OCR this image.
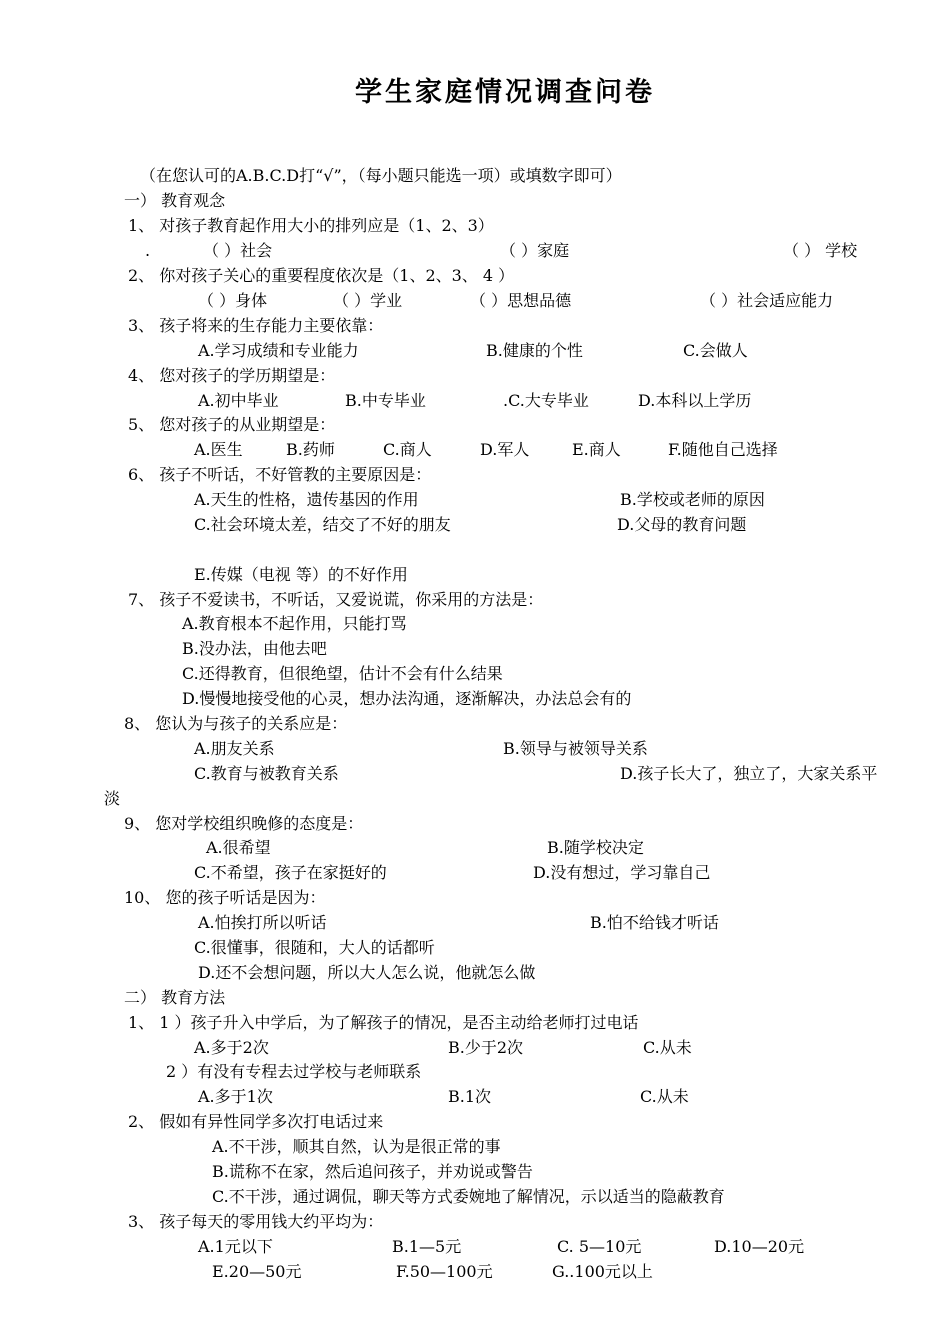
学生家庭情况调查问卷
（在您认可的A.B.C.D打“√”，（每小题只能选一项）或填数字即可）
一） 教育观念
1、 对孩子教育起作用大小的排列应是（1、2、3）
.	（ ）社会	（ ）家庭	（ ） 学校
2、 你对孩子关心的重要程度依次是（1、2、3、 4 ）
（ ）身体	（ ）学业	（ ）思想品德	（ ）社会适应能力
3、 孩子将来的生存能力主要依靠：
A.学习成绩和专业能力	B.健康的个性	C.会做人
4、 您对孩子的学历期望是：
A.初中毕业	B.中专毕业	.C.大专毕业	D.本科以上学历
5、 您对孩子的从业期望是：
A.医生	B.药师	C.商人	D.军人	E.商人	F.随他自己选择
6、 孩子不听话，不好管教的主要原因是：
A.天生的性格，遗传基因的作用	B.学校或老师的原因
C.社会环境太差，结交了不好的朋友	D.父母的教育问题
E.传媒（电视 等）的不好作用
7、 孩子不爱读书，不听话，又爱说谎，你采用的方法是：
A.教育根本不起作用，只能打骂
B.没办法，由他去吧
C.还得教育，但很绝望，估计不会有什么结果
D.慢慢地接受他的心灵，想办法沟通，逐渐解决，办法总会有的
8、 您认为与孩子的关系应是：
A.朋友关系	B.领导与被领导关系
C.教育与被教育关系	D.孩子长大了，独立了，大家关系平
淡
9、 您对学校组织晚修的态度是：
A.很希望	B.随学校决定
C.不希望，孩子在家挺好的	D.没有想过，学习靠自己
10、 您的孩子听话是因为：
A.怕挨打所以听话	B.怕不给钱才听话
C.很懂事，很随和，大人的话都听
D.还不会想问题，所以大人怎么说，他就怎么做
二） 教育方法
1、 1 ）孩子升入中学后，为了解孩子的情况，是否主动给老师打过电话
A.多于2次	B.少于2次	C.从未
2 ）有没有专程去过学校与老师联系
A.多于1次	B.1次	C.从未
2、 假如有异性同学多次打电话过来
A.不干涉，顺其自然，认为是很正常的事
B.谎称不在家，然后追问孩子，并劝说或警告
C.不干涉，通过调侃，聊天等方式委婉地了解情况，示以适当的隐蔽教育
3、 孩子每天的零用钱大约平均为：
A.1元以下	B.1—5元	C. 5—10元	D.10—20元
E.20—50元	F.50—100元	G..100元以上
